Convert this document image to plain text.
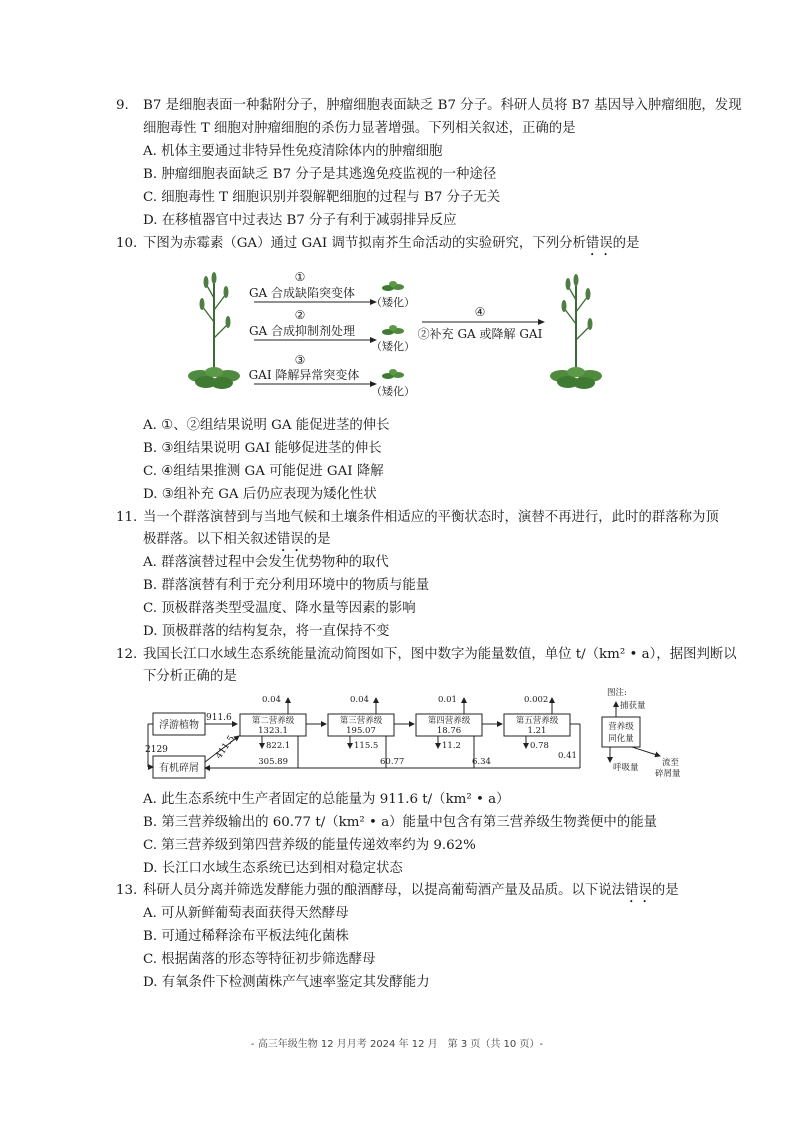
9. B7 是细胞表面一种黏附分子，肿瘤细胞表面缺乏 B7 分子。科研人员将 B7 基因导入肿瘤细胞，发现
细胞毒性 T 细胞对肿瘤细胞的杀伤力显著增强。下列相关叙述，正确的是
A. 机体主要通过非特异性免疫清除体内的肿瘤细胞
B. 肿瘤细胞表面缺乏 B7 分子是其逃逸免疫监视的一种途径
C. 细胞毒性 T 细胞识别并裂解靶细胞的过程与 B7 分子无关
D. 在移植器官中过表达 B7 分子有利于减弱排异反应
10. 下图为赤霉素（GA）通过 GAI 调节拟南芥生命活动的实验研究，下列分析错误的是
①
GA 合成缺陷突变体
②
GA 合成抑制剂处理
③
GAI 降解异常突变体
（矮化）
（矮化）
（矮化）
④
②补充 GA 或降解 GAI
A. ①、②组结果说明 GA 能促进茎的伸长
B. ③组结果说明 GAI 能够促进茎的伸长
C. ④组结果推测 GA 可能促进 GAI 降解
D. ③组补充 GA 后仍应表现为矮化性状
11. 当一个群落演替到与当地气候和土壤条件相适应的平衡状态时，演替不再进行，此时的群落称为顶
极群落。以下相关叙述错误的是
A. 群落演替过程中会发生优势物种的取代
B. 群落演替有利于充分利用环境中的物质与能量
C. 顶极群落类型受温度、降水量等因素的影响
D. 顶极群落的结构复杂，将一直保持不变
12. 我国长江口水域生态系统能量流动简图如下，图中数字为能量数值，单位 t/（km² • a），据图判断以
下分析正确的是
浮游植物
有机碎屑
2129
911.6
411.5
第二营养级
1323.1
0.04
822.1
第三营养级
195.07
0.04
115.5
第四营养级
18.76
0.01
11.2
第五营养级
1.21
0.002
0.78
305.89	60.77	6.34
0.41
图注:
营养级
同化量
捕获量
呼吸量	流至
碎屑量
A. 此生态系统中生产者固定的总能量为 911.6 t/（km² • a）
B. 第三营养级输出的 60.77 t/（km² • a）能量中包含有第三营养级生物粪便中的能量
C. 第三营养级到第四营养级的能量传递效率约为 9.62%
D. 长江口水域生态系统已达到相对稳定状态
13. 科研人员分离并筛选发酵能力强的酿酒酵母，以提高葡萄酒产量及品质。以下说法错误的是
A. 可从新鲜葡萄表面获得天然酵母
B. 可通过稀释涂布平板法纯化菌株
C. 根据菌落的形态等特征初步筛选酵母
D. 有氧条件下检测菌株产气速率鉴定其发酵能力
- 高三年级生物 12 月月考 2024 年 12 月　第 3 页（共 10 页）-
